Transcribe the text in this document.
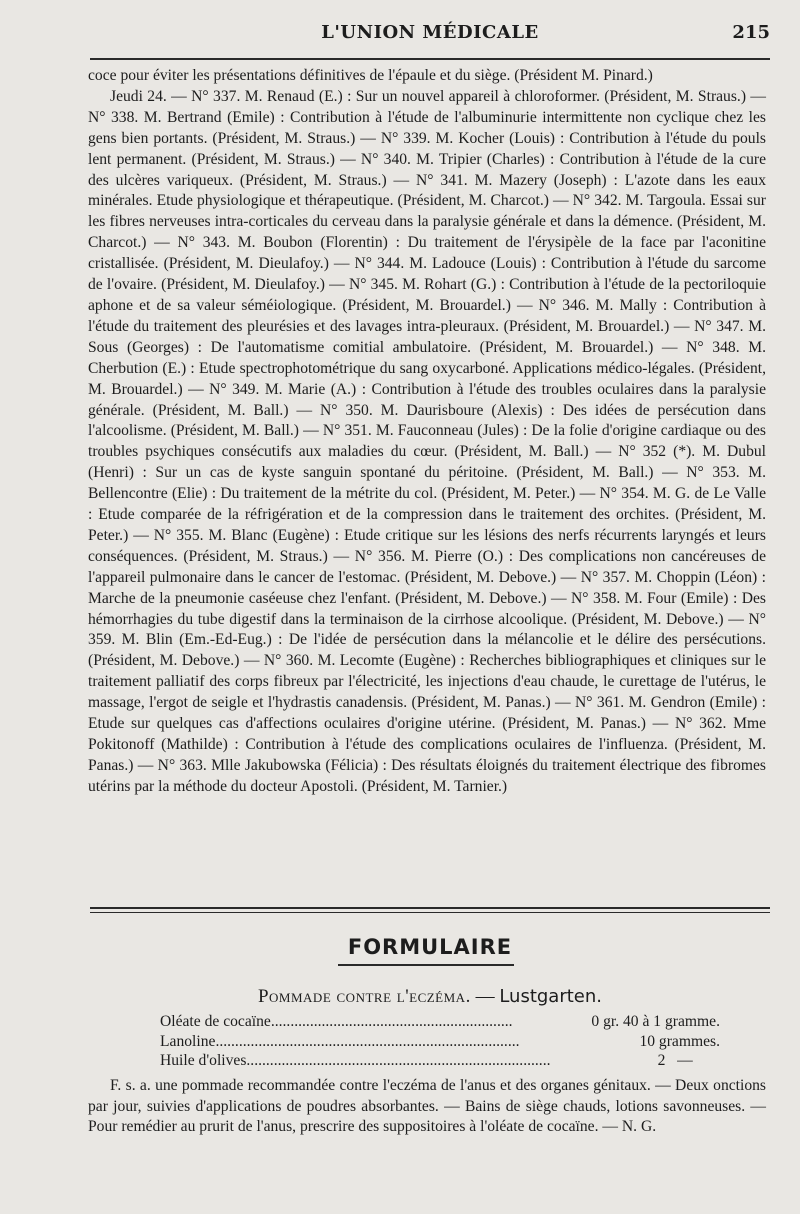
L'UNION MÉDICALE	215

coce pour éviter les présentations définitives de l'épaule et du siège. (Président M. Pinard.)

Jeudi 24. — N° 337. M. Renaud (E.) : Sur un nouvel appareil à chloroformer. (Président, M. Straus.) — N° 338. M. Bertrand (Emile) : Contribution à l'étude de l'albuminurie intermittente non cyclique chez les gens bien portants. (Président, M. Straus.) — N° 339. M. Kocher (Louis) : Contribution à l'étude du pouls lent permanent. (Président, M. Straus.) — N° 340. M. Tripier (Charles) : Contribution à l'étude de la cure des ulcères variqueux. (Président, M. Straus.) — N° 341. M. Mazery (Joseph) : L'azote dans les eaux minérales. Etude physiologique et thérapeutique. (Président, M. Charcot.) — N° 342. M. Targoula. Essai sur les fibres nerveuses intra-corticales du cerveau dans la paralysie générale et dans la démence. (Président, M. Charcot.) — N° 343. M. Boubon (Florentin) : Du traitement de l'érysipèle de la face par l'aconitine cristallisée. (Président, M. Dieulafoy.) — N° 344. M. Ladouce (Louis) : Contribution à l'étude du sarcome de l'ovaire. (Président, M. Dieulafoy.) — N° 345. M. Rohart (G.) : Contribution à l'étude de la pectoriloquie aphone et de sa valeur séméiologique. (Président, M. Brouardel.) — N° 346. M. Mally : Contribution à l'étude du traitement des pleurésies et des lavages intra-pleuraux. (Président, M. Brouardel.) — N° 347. M. Sous (Georges) : De l'automatisme comitial ambulatoire. (Président, M. Brouardel.) — N° 348. M. Cherbution (E.) : Etude spectrophotométrique du sang oxycarboné. Applications médico-légales. (Président, M. Brouardel.) — N° 349. M. Marie (A.) : Contribution à l'étude des troubles oculaires dans la paralysie générale. (Président, M. Ball.) — N° 350. M. Daurisboure (Alexis) : Des idées de persécution dans l'alcoolisme. (Président, M. Ball.) — N° 351. M. Fauconneau (Jules) : De la folie d'origine cardiaque ou des troubles psychiques consécutifs aux maladies du cœur. (Président, M. Ball.) — N° 352 (*). M. Dubul (Henri) : Sur un cas de kyste sanguin spontané du péritoine. (Président, M. Ball.) — N° 353. M. Bellencontre (Elie) : Du traitement de la métrite du col. (Président, M. Peter.) — N° 354. M. G. de Le Valle : Etude comparée de la réfrigération et de la compression dans le traitement des orchites. (Président, M. Peter.) — N° 355. M. Blanc (Eugène) : Etude critique sur les lésions des nerfs récurrents laryngés et leurs conséquences. (Président, M. Straus.) — N° 356. M. Pierre (O.) : Des complications non cancéreuses de l'appareil pulmonaire dans le cancer de l'estomac. (Président, M. Debove.) — N° 357. M. Choppin (Léon) : Marche de la pneumonie caséeuse chez l'enfant. (Président, M. Debove.) — N° 358. M. Four (Emile) : Des hémorrhagies du tube digestif dans la terminaison de la cirrhose alcoolique. (Président, M. Debove.) — N° 359. M. Blin (Em.-Ed-Eug.) : De l'idée de persécution dans la mélancolie et le délire des persécutions. (Président, M. Debove.) — N° 360. M. Lecomte (Eugène) : Recherches bibliographiques et cliniques sur le traitement palliatif des corps fibreux par l'électricité, les injections d'eau chaude, le curettage de l'utérus, le massage, l'ergot de seigle et l'hydrastis canadensis. (Président, M. Panas.) — N° 361. M. Gendron (Emile) : Etude sur quelques cas d'affections oculaires d'origine utérine. (Président, M. Panas.) — N° 362. Mme Pokitonoff (Mathilde) : Contribution à l'étude des complications oculaires de l'influenza. (Président, M. Panas.) — N° 363. Mlle Jakubowska (Félicia) : Des résultats éloignés du traitement électrique des fibromes utérins par la méthode du docteur Apostoli. (Président, M. Tarnier.)

FORMULAIRE
Pommade contre l'eczéma. — Lustgarten.
Oléate de cocaïne..............................................................	0 gr. 40 à 1 gramme.
Lanoline..............................................................................	10 grammes.
Huile d'olives..............................................................................	2   —

F. s. a. une pommade recommandée contre l'eczéma de l'anus et des organes génitaux. — Deux onctions par jour, suivies d'applications de poudres absorbantes. — Bains de siège chauds, lotions savonneuses. — Pour remédier au prurit de l'anus, prescrire des suppositoires à l'oléate de cocaïne. — N. G.
